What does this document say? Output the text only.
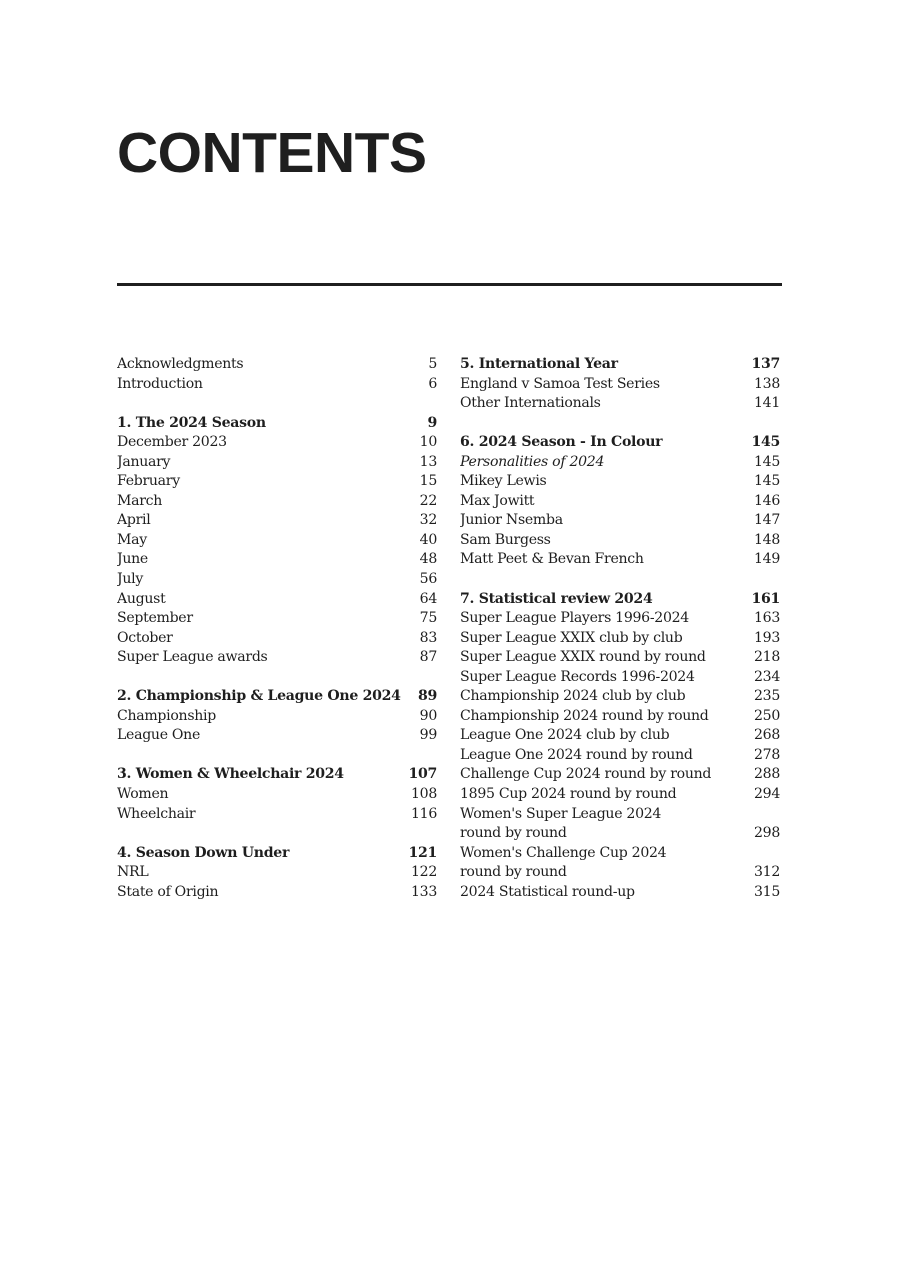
CONTENTS
Acknowledgments	5
Introduction	6
1. The 2024 Season	9
December 2023	10
January	13
February	15
March	22
April	32
May	40
June	48
July	56
August	64
September	75
October	83
Super League awards	87
2. Championship & League One 2024	89
Championship	90
League One	99
3. Women & Wheelchair 2024	107
Women	108
Wheelchair	116
4. Season Down Under	121
NRL	122
State of Origin	133
5. International Year	137
England v Samoa Test Series	138
Other Internationals	141
6. 2024 Season - In Colour	145
Personalities of 2024	145
Mikey Lewis	145
Max Jowitt	146
Junior Nsemba	147
Sam Burgess	148
Matt Peet & Bevan French	149
7. Statistical review 2024	161
Super League Players 1996-2024	163
Super League XXIX club by club	193
Super League XXIX round by round	218
Super League Records 1996-2024	234
Championship 2024 club by club	235
Championship 2024 round by round	250
League One 2024 club by club	268
League One 2024 round by round	278
Challenge Cup 2024 round by round	288
1895 Cup 2024 round by round	294
Women's Super League 2024
round by round	298
Women's Challenge Cup 2024
round by round	312
2024 Statistical round-up	315
